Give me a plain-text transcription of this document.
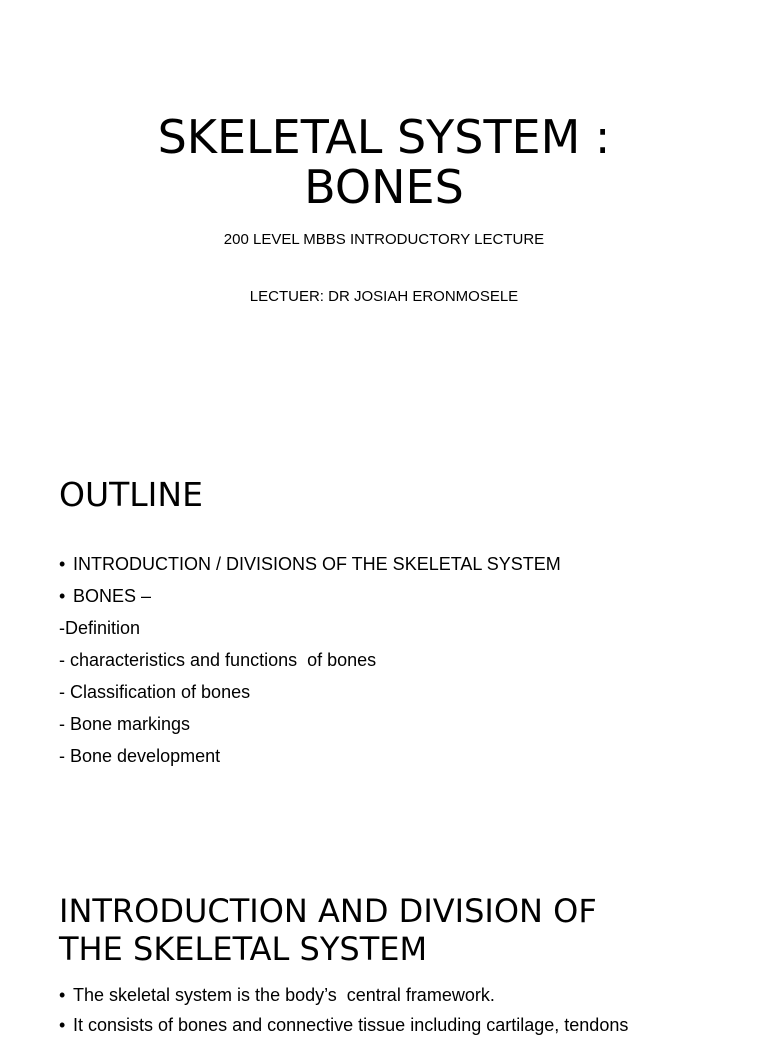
SKELETAL SYSTEM :
BONES

200 LEVEL MBBS INTRODUCTORY LECTURE

LECTUER: DR JOSIAH ERONMOSELE

OUTLINE
• INTRODUCTION / DIVISIONS OF THE SKELETAL SYSTEM
• BONES –
-Definition
- characteristics and functions  of bones
- Classification of bones
- Bone markings
- Bone development
INTRODUCTION AND DIVISION OF
THE SKELETAL SYSTEM
• The skeletal system is the body’s  central framework.
• It consists of bones and connective tissue including cartilage, tendons
